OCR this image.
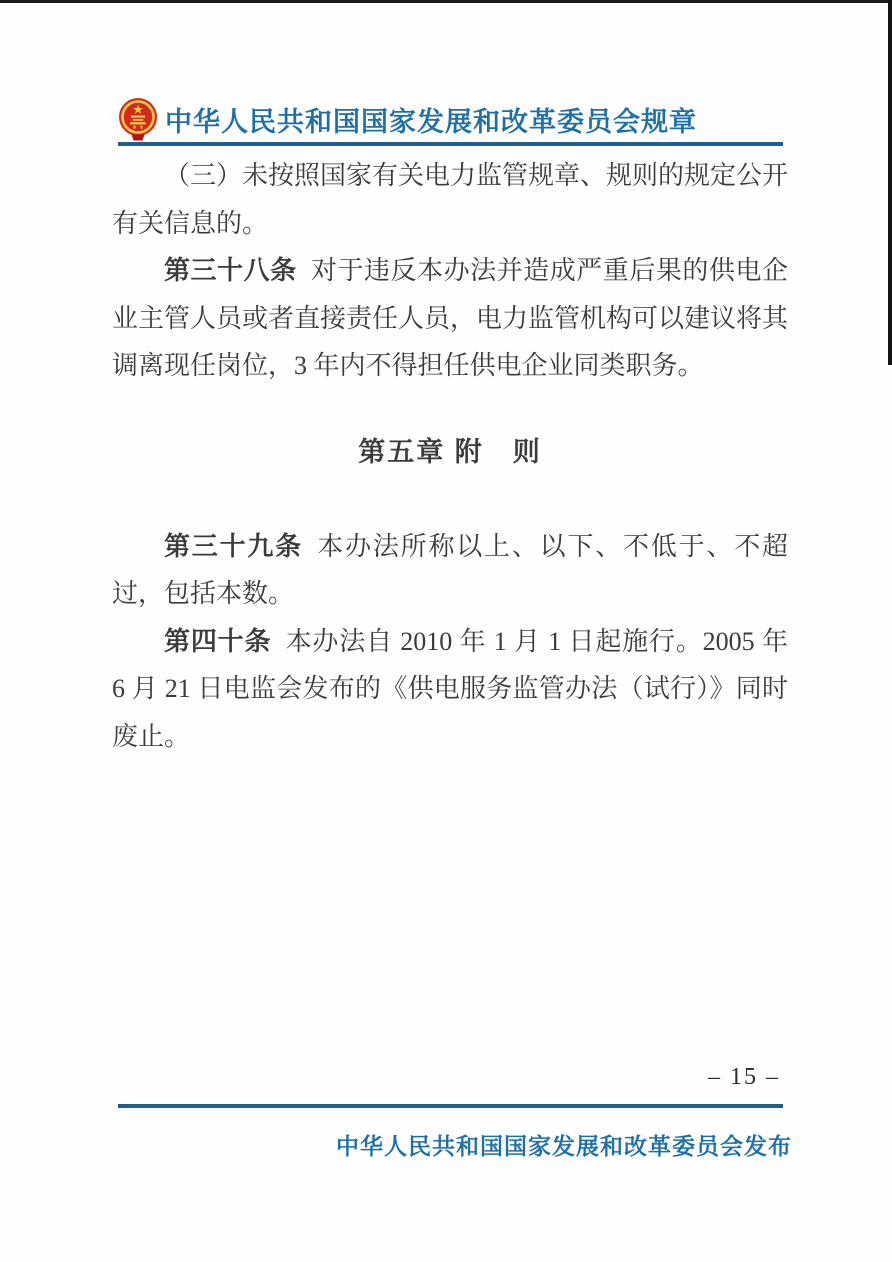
中华人民共和国国家发展和改革委员会规章

（三）未按照国家有关电力监管规章、规则的规定公开有关信息的。

第三十八条 对于违反本办法并造成严重后果的供电企业主管人员或者直接责任人员，电力监管机构可以建议将其调离现任岗位，3 年内不得担任供电企业同类职务。

第五章 附　则

第三十九条 本办法所称以上、以下、不低于、不超过，包括本数。

第四十条 本办法自 2010 年 1 月 1 日起施行。2005 年 6 月 21 日电监会发布的《供电服务监管办法（试行）》同时废止。

– 15 –
中华人民共和国国家发展和改革委员会发布
